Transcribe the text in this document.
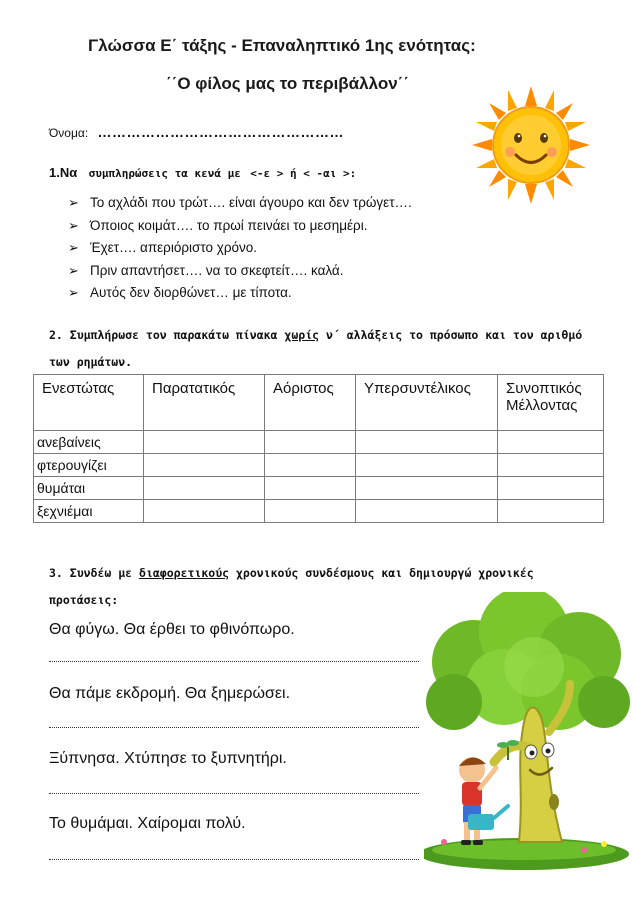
Γλώσσα Ε΄ τάξης - Επαναληπτικό 1ης ενότητας:
΄΄Ο φίλος μας το περιβάλλον΄΄
Όνομα: ……………………………………………
1.Να συμπληρώσεις τα κενά με <-ε > ή < -αι >:
➢ Το αχλάδι που τρώτ…. είναι άγουρο και δεν τρώγετ….
➢ Όποιος κοιμάτ…. το πρωί πεινάει το μεσημέρι.
➢ Έχετ…. απεριόριστο χρόνο.
➢ Πριν απαντήσετ…. να το σκεφτείτ…. καλά.
➢ Αυτός δεν διορθώνετ… με τίποτα.
2. Συμπλήρωσε τον παρακάτω πίνακα χωρίς ν΄ αλλάξεις το πρόσωπο και τον αριθμό των ρημάτων.
Ενεστώτας	Παρατατικός	Αόριστος	Υπερσυντέλικος	Συνοπτικός Μέλλοντας
ανεβαίνεις				
φτερουγίζει				
θυμάται				
ξεχνιέμαι				
3. Συνδέω με διαφορετικούς χρονικούς συνδέσμους και δημιουργώ χρονικές προτάσεις:
Θα φύγω. Θα έρθει το φθινόπωρο.
Θα πάμε εκδρομή. Θα ξημερώσει.
Ξύπνησα. Χτύπησε το ξυπνητήρι.
Το θυμάμαι. Χαίρομαι πολύ.
